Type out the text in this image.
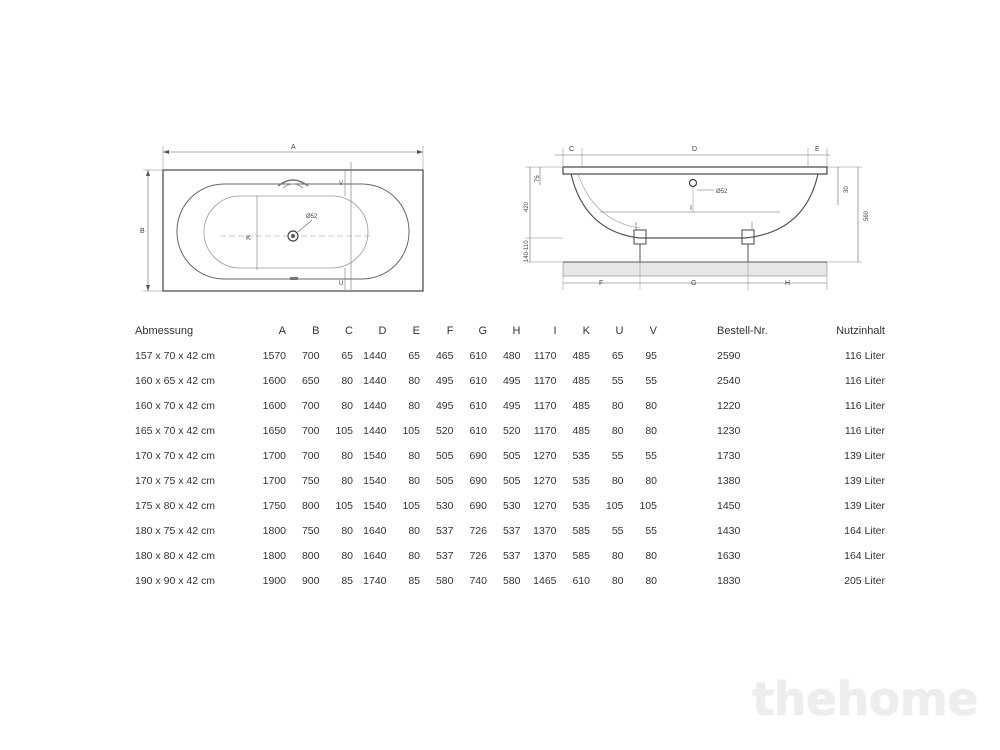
A
B
K
V
U
Ø52
C	D	E
F	G	H
I
Ø52
75
420
140-110
30
560
Abmessung	A	B	C	D	E	F	G	H	I	K	U	V	Bestell-Nr.	Nutzinhalt
157 x 70 x 42 cm	1570	700	65	1440	65	465	610	480	1170	485	65	95	2590	116 Liter
160 x 65 x 42 cm	1600	650	80	1440	80	495	610	495	1170	485	55	55	2540	116 Liter
160 x 70 x 42 cm	1600	700	80	1440	80	495	610	495	1170	485	80	80	1220	116 Liter
165 x 70 x 42 cm	1650	700	105	1440	105	520	610	520	1170	485	80	80	1230	116 Liter
170 x 70 x 42 cm	1700	700	80	1540	80	505	690	505	1270	535	55	55	1730	139 Liter
170 x 75 x 42 cm	1700	750	80	1540	80	505	690	505	1270	535	80	80	1380	139 Liter
175 x 80 x 42 cm	1750	800	105	1540	105	530	690	530	1270	535	105	105	1450	139 Liter
180 x 75 x 42 cm	1800	750	80	1640	80	537	726	537	1370	585	55	55	1430	164 Liter
180 x 80 x 42 cm	1800	800	80	1640	80	537	726	537	1370	585	80	80	1630	164 Liter
190 x 90 x 42 cm	1900	900	85	1740	85	580	740	580	1465	610	80	80	1830	205 Liter
thehome
